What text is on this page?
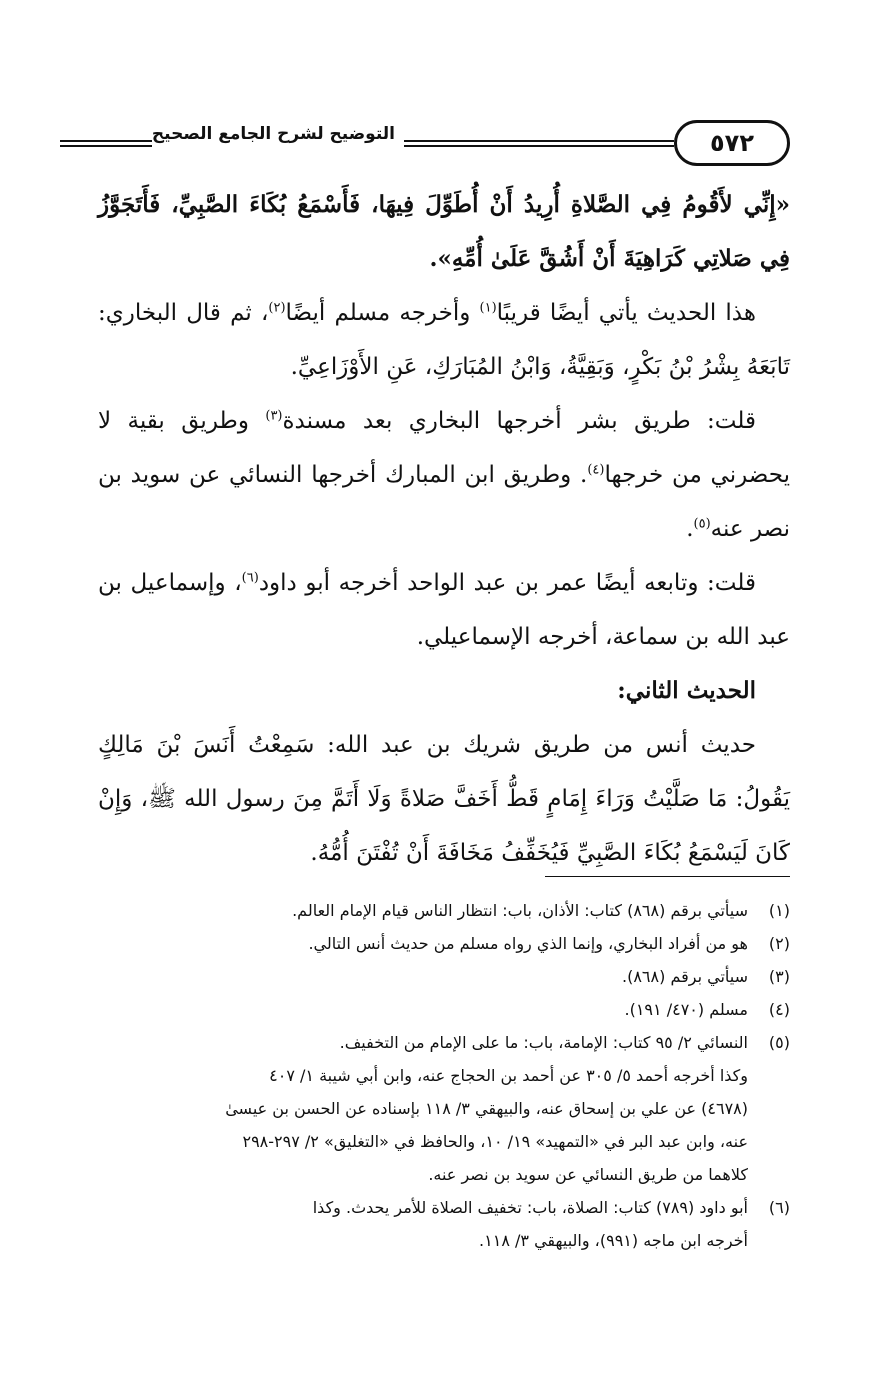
٥٧٢
التوضيح لشرح الجامع الصحيح

«إِنِّي لأَقُومُ فِي الصَّلاةِ أُرِيدُ أَنْ أُطَوِّلَ فِيهَا، فَأَسْمَعُ بُكَاءَ الصَّبِيِّ، فَأَتَجَوَّزُ فِي صَلاتِي كَرَاهِيَةَ أَنْ أَشُقَّ عَلَىٰ أُمِّهِ».

هذا الحديث يأتي أيضًا قريبًا$^{(١)}$ وأخرجه مسلم أيضًا$^{(٢)}$، ثم قال البخاري: تَابَعَهُ بِشْرُ بْنُ بَكْرٍ، وَبَقِيَّةُ، وَابْنُ المُبَارَكِ، عَنِ الأَوْزَاعِيِّ.

قلت: طريق بشر أخرجها البخاري بعد مسندة$^{(٣)}$ وطريق بقية لا يحضرني من خرجها$^{(٤)}$. وطريق ابن المبارك أخرجها النسائي عن سويد بن نصر عنه$^{(٥)}$.

قلت: وتابعه أيضًا عمر بن عبد الواحد أخرجه أبو داود$^{(٦)}$، وإسماعيل بن عبد الله بن سماعة، أخرجه الإسماعيلي.

الحديث الثاني:

حديث أنس من طريق شريك بن عبد الله: سَمِعْتُ أَنَسَ بْنَ مَالِكٍ يَقُولُ: مَا صَلَّيْتُ وَرَاءَ إِمَامٍ قَطُّ أَخَفَّ صَلاةً وَلَا أَتَمَّ مِنَ رسول الله ﷺ، وَإِنْ كَانَ لَيَسْمَعُ بُكَاءَ الصَّبِيِّ فَيُخَفِّفُ مَخَافَةَ أَنْ تُفْتَنَ أُمُّهُ.

(١)
سيأتي برقم (٨٦٨) كتاب: الأذان، باب: انتظار الناس قيام الإمام العالم.
(٢)
هو من أفراد البخاري، وإنما الذي رواه مسلم من حديث أنس التالي.
(٣)
سيأتي برقم (٨٦٨).
(٤)
مسلم (٤٧٠/ ١٩١).
(٥)
النسائي ٢/ ٩٥ كتاب: الإمامة، باب: ما على الإمام من التخفيف.
وكذا أخرجه أحمد ٥/ ٣٠٥ عن أحمد بن الحجاج عنه، وابن أبي شيبة ١/ ٤٠٧
(٤٦٧٨) عن علي بن إسحاق عنه، والبيهقي ٣/ ١١٨ بإسناده عن الحسن بن عيسىٰ
عنه، وابن عبد البر في «التمهيد» ١٩/ ١٠، والحافظ في «التغليق» ٢/ ٢٩٧-٢٩٨
كلاهما من طريق النسائي عن سويد بن نصر عنه.
(٦)
أبو داود (٧٨٩) كتاب: الصلاة، باب: تخفيف الصلاة للأمر يحدث. وكذا
أخرجه ابن ماجه (٩٩١)، والبيهقي ٣/ ١١٨.
